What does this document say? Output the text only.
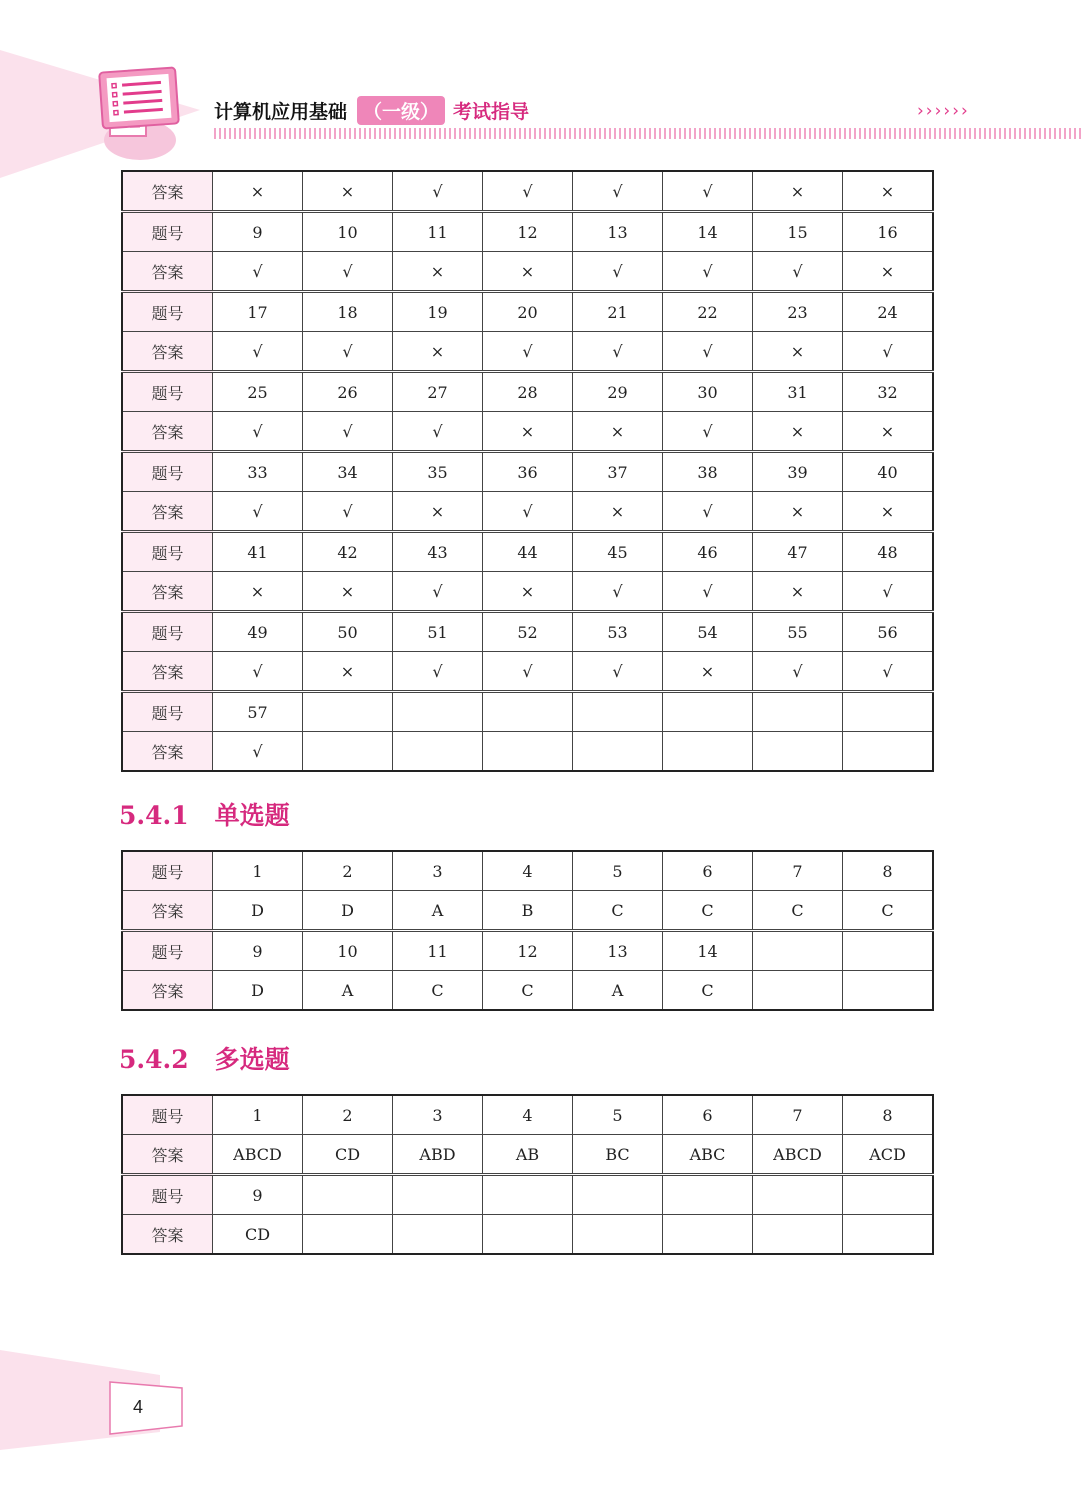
计算机应用基础 （一级） 考试指导	››››››
答案	×	×	√	√	√	√	×	×
题号	9	10	11	12	13	14	15	16
答案	√	√	×	×	√	√	√	×
题号	17	18	19	20	21	22	23	24
答案	√	√	×	√	√	√	×	√
题号	25	26	27	28	29	30	31	32
答案	√	√	√	×	×	√	×	×
题号	33	34	35	36	37	38	39	40
答案	√	√	×	√	×	√	×	×
题号	41	42	43	44	45	46	47	48
答案	×	×	√	×	√	√	×	√
题号	49	50	51	52	53	54	55	56
答案	√	×	√	√	√	×	√	√
题号	57							
答案	√							
5.4.1 单选题
题号	1	2	3	4	5	6	7	8
答案	D	D	A	B	C	C	C	C
题号	9	10	11	12	13	14		
答案	D	A	C	C	A	C		
5.4.2 多选题
题号	1	2	3	4	5	6	7	8
答案	ABCD	CD	ABD	AB	BC	ABC	ABCD	ACD
题号	9							
答案	CD							
4
